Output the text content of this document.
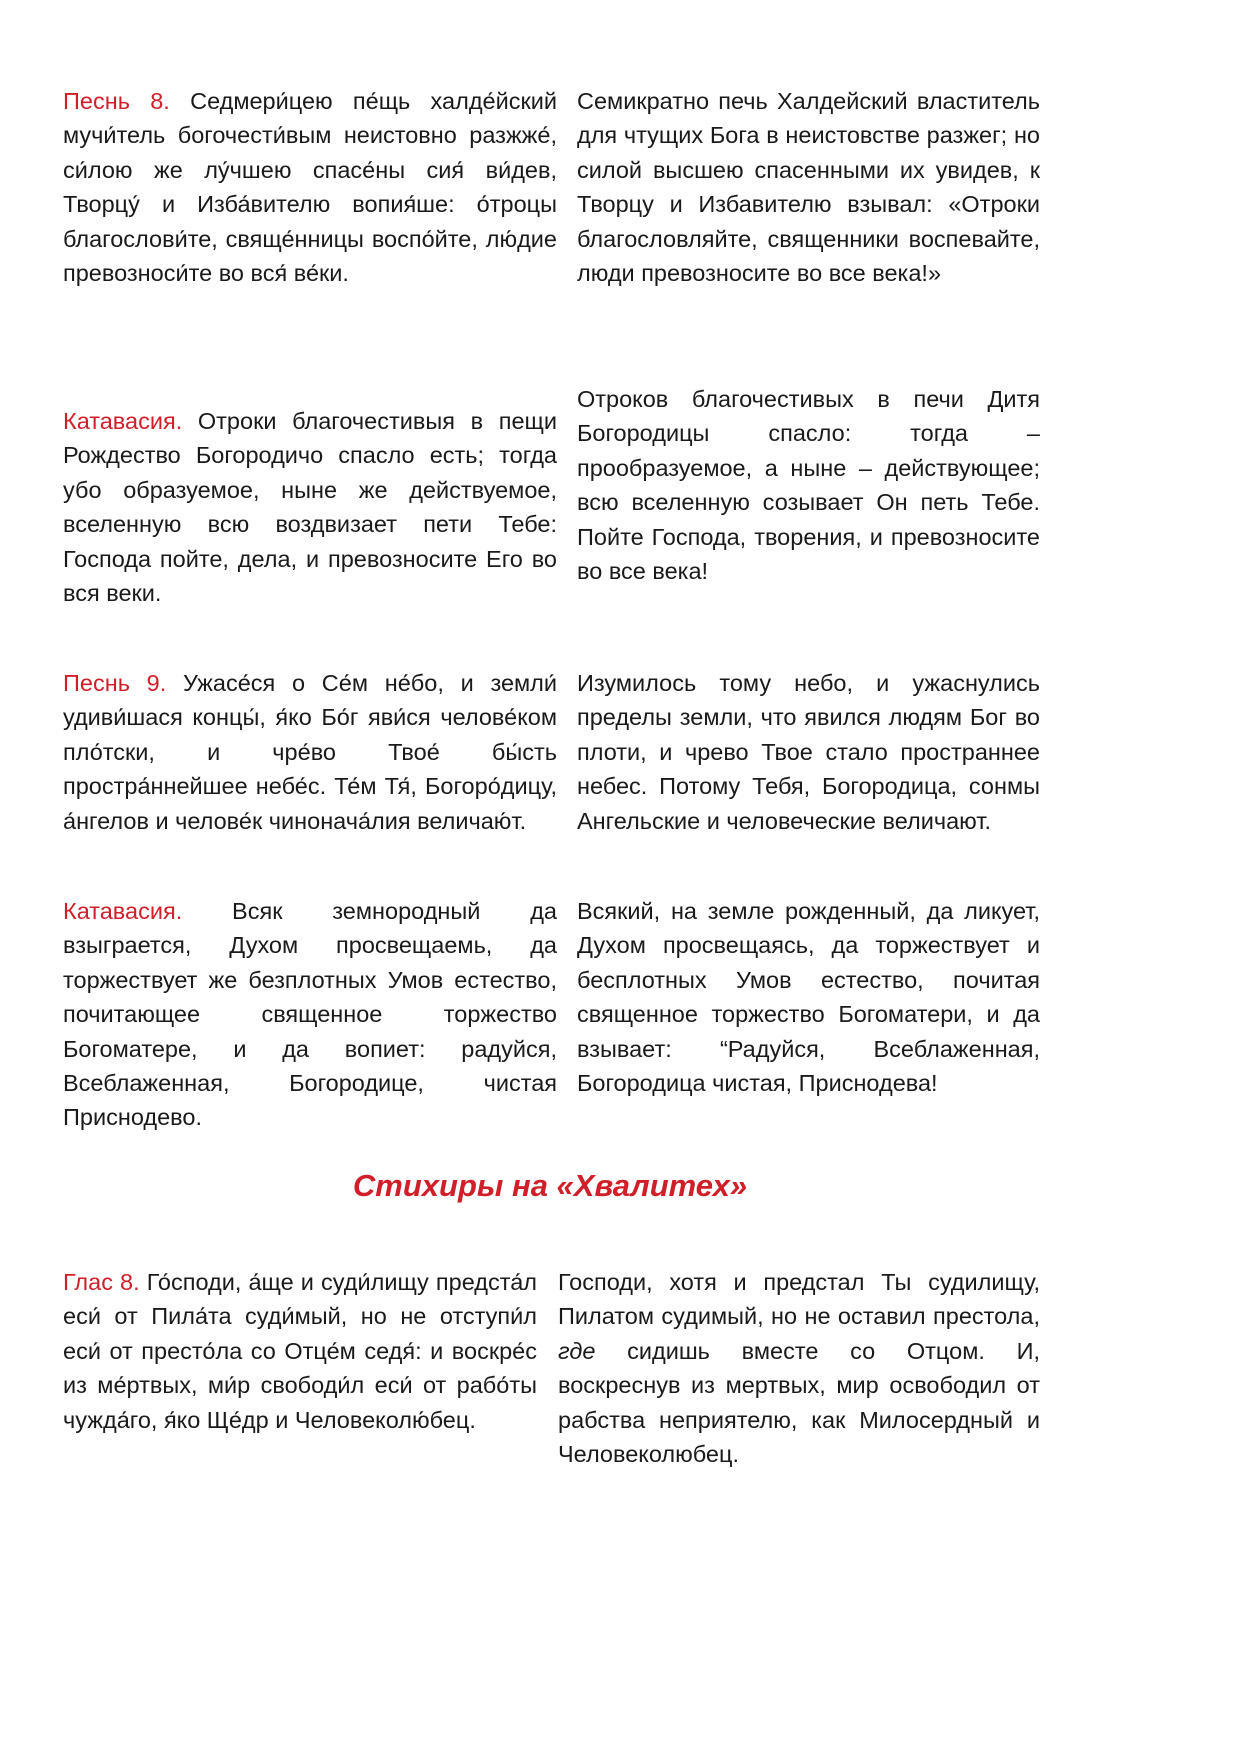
Песнь 8. Седмери́цею пе́щь халде́йский мучи́тель богочести́вым неистовно разжже́, си́лою же лу́чшею спасе́ны сия́ ви́дев, Творцу́ и Изба́вителю вопия́ше: о́троцы благослови́те, свяще́нницы воспо́йте, лю́дие превозноси́те во вся́ ве́ки.

Семикратно печь Халдейский властитель для чтущих Бога в неистовстве разжег; но силой высшею спасенными их увидев, к Творцу и Избавителю взывал: «Отроки благословляйте, священники воспевайте, люди превозносите во все века!»

Катавасия. Отроки благочестивыя в пещи Рождество Богородичо спасло есть; тогда убо образуемое, ныне же действуемое, вселенную всю воздвизает пети Тебе: Господа пойте, дела, и превозносите Его во вся веки.

Отроков благочестивых в печи Дитя Богородицы спасло: тогда – прообразуемое, а ныне – действующее; всю вселенную созывает Он петь Тебе. Пойте Господа, творения, и превозносите во все века!

Песнь 9. Ужасе́ся о Се́м не́бо, и земли́ удиви́шася концы́, я́ко Бо́г яви́ся челове́ком пло́тски, и чре́во Твое́ бы́сть простра́ннейшее небе́с. Те́м Тя́, Богоро́дицу, а́нгелов и челове́к чинонача́лия величаю́т.

Изумилось тому небо, и ужаснулись пределы земли, что явился людям Бог во плоти, и чрево Твое стало пространнее небес. Потому Тебя, Богородица, сонмы Ангельские и человеческие величают.

Катавасия. Всяк земнородный да взыграется, Духом просвещаемь, да торжествует же безплотных Умов естество, почитающее священное торжество Богоматере, и да вопиет: радуйся, Всеблаженная, Богородице, чистая Приснодево.

Всякий, на земле рожденный, да ликует, Духом просвещаясь, да торжествует и бесплотных Умов естество, почитая священное торжество Богоматери, и да взывает: “Радуйся, Всеблаженная, Богородица чистая, Приснодева!

Стихиры на «Хвалитех»

Глас 8. Го́споди, а́ще и суди́лищу предста́л еси́ от Пила́та суди́мый, но не отступи́л еси́ от престо́ла со Отце́м седя́: и воскре́с из ме́ртвых, ми́р свободи́л еси́ от рабо́ты чужда́го, я́ко Ще́др и Человеколю́бец.

Господи, хотя и предстал Ты судилищу, Пилатом судимый, но не оставил престола, где сидишь вместе со Отцом. И, воскреснув из мертвых, мир освободил от рабства неприятелю, как Милосердный и Человеколюбец.
